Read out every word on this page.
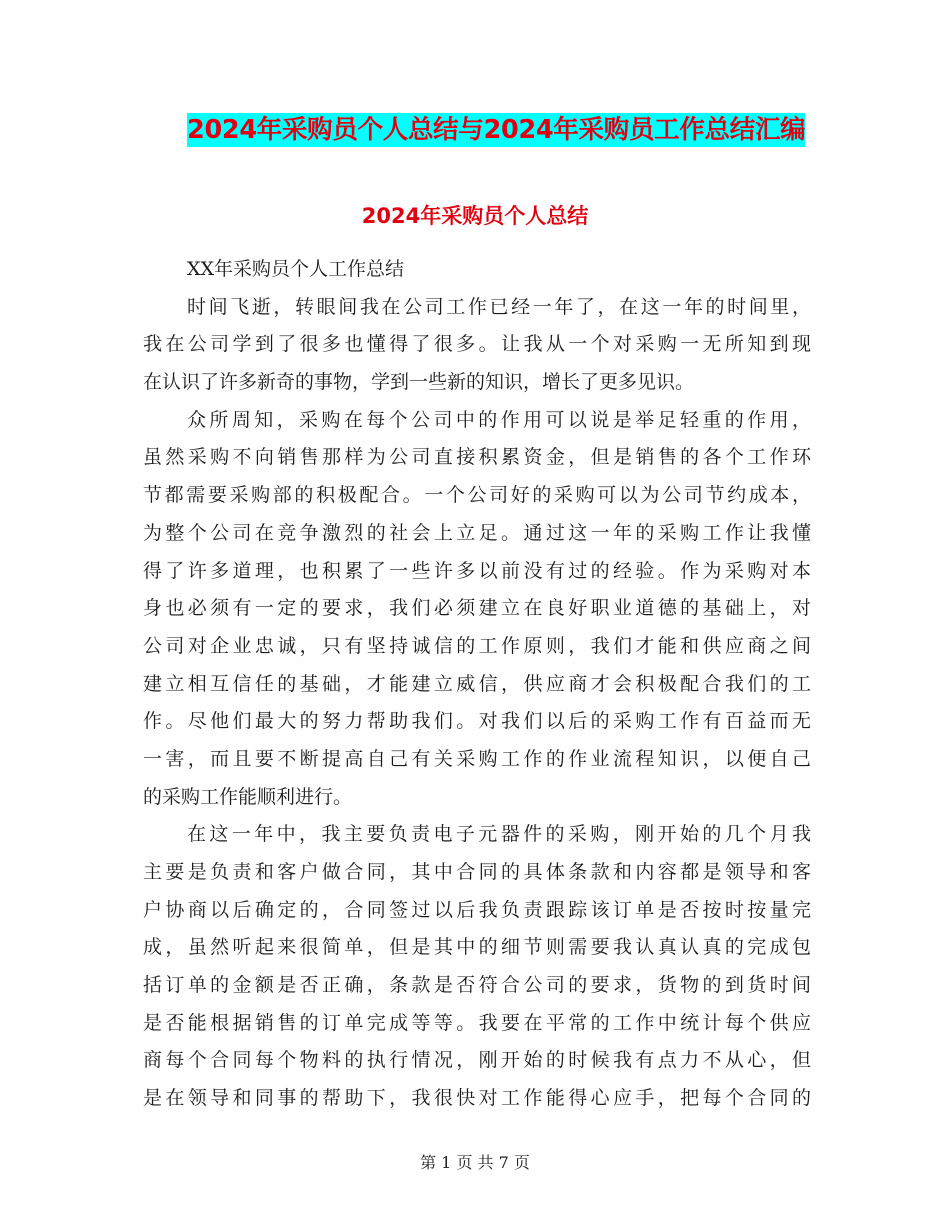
2024年采购员个人总结与2024年采购员工作总结汇编
2024年采购员个人总结
XX年采购员个人工作总结
时间飞逝，转眼间我在公司工作已经一年了，在这一年的时间里，
我在公司学到了很多也懂得了很多。让我从一个对采购一无所知到现
在认识了许多新奇的事物，学到一些新的知识，增长了更多见识。
众所周知，采购在每个公司中的作用可以说是举足轻重的作用，
虽然采购不向销售那样为公司直接积累资金，但是销售的各个工作环
节都需要采购部的积极配合。一个公司好的采购可以为公司节约成本，
为整个公司在竞争激烈的社会上立足。通过这一年的采购工作让我懂
得了许多道理，也积累了一些许多以前没有过的经验。作为采购对本
身也必须有一定的要求，我们必须建立在良好职业道德的基础上，对
公司对企业忠诚，只有坚持诚信的工作原则，我们才能和供应商之间
建立相互信任的基础，才能建立威信，供应商才会积极配合我们的工
作。尽他们最大的努力帮助我们。对我们以后的采购工作有百益而无
一害，而且要不断提高自己有关采购工作的作业流程知识，以便自己
的采购工作能顺利进行。
在这一年中，我主要负责电子元器件的采购，刚开始的几个月我
主要是负责和客户做合同，其中合同的具体条款和内容都是领导和客
户协商以后确定的，合同签过以后我负责跟踪该订单是否按时按量完
成，虽然听起来很简单，但是其中的细节则需要我认真认真的完成包
括订单的金额是否正确，条款是否符合公司的要求，货物的到货时间
是否能根据销售的订单完成等等。我要在平常的工作中统计每个供应
商每个合同每个物料的执行情况，刚开始的时候我有点力不从心，但
是在领导和同事的帮助下，我很快对工作能得心应手，把每个合同的
第 1 页 共 7 页
